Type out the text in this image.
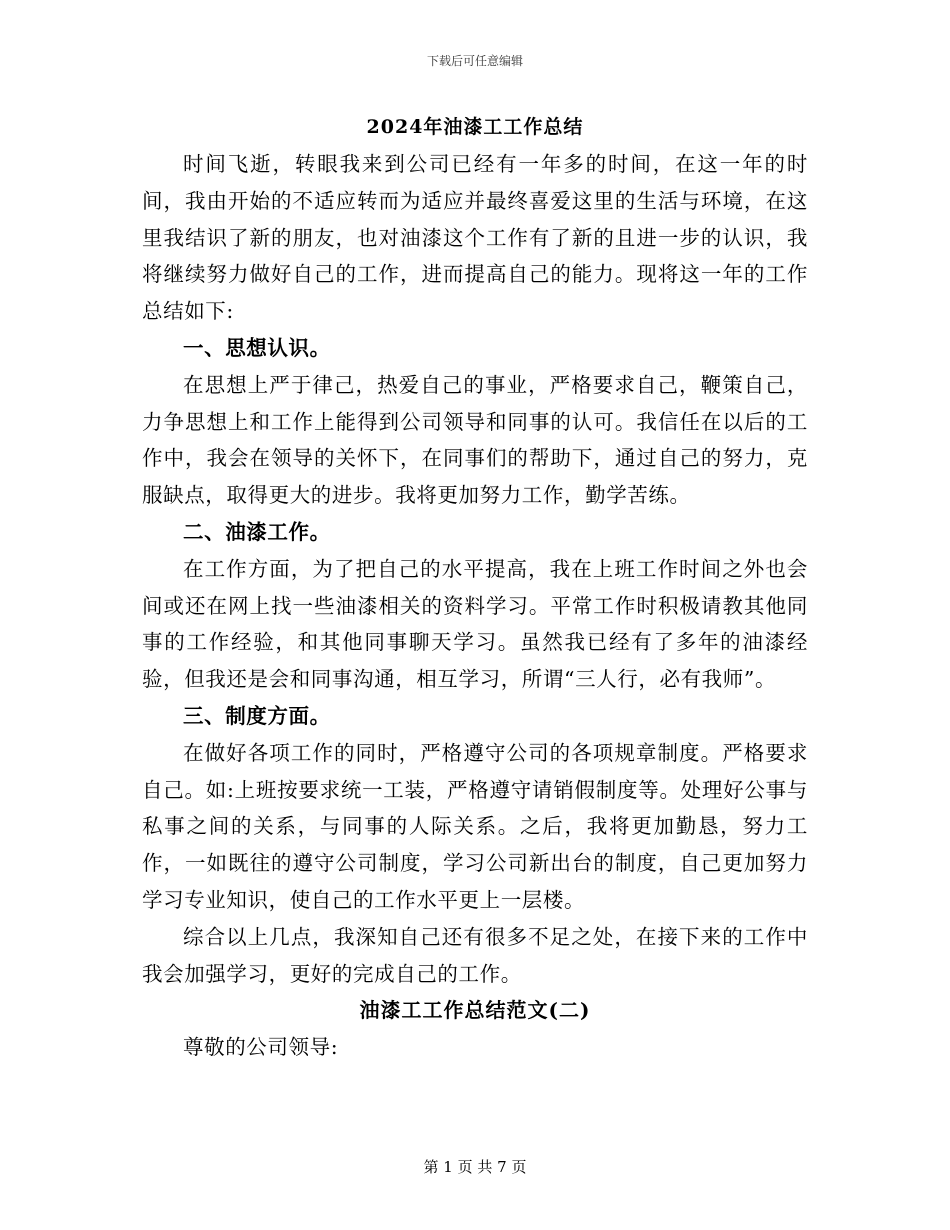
下载后可任意编辑
2024年油漆工工作总结

时间飞逝，转眼我来到公司已经有一年多的时间，在这一年的时间，我由开始的不适应转而为适应并最终喜爱这里的生活与环境，在这里我结识了新的朋友，也对油漆这个工作有了新的且进一步的认识，我将继续努力做好自己的工作，进而提高自己的能力。现将这一年的工作总结如下:

一、思想认识。

在思想上严于律己，热爱自己的事业，严格要求自己，鞭策自己，力争思想上和工作上能得到公司领导和同事的认可。我信任在以后的工作中，我会在领导的关怀下，在同事们的帮助下，通过自己的努力，克服缺点，取得更大的进步。我将更加努力工作，勤学苦练。

二、油漆工作。

在工作方面，为了把自己的水平提高，我在上班工作时间之外也会间或还在网上找一些油漆相关的资料学习。平常工作时积极请教其他同事的工作经验，和其他同事聊天学习。虽然我已经有了多年的油漆经验，但我还是会和同事沟通，相互学习，所谓“三人行，必有我师”。

三、制度方面。

在做好各项工作的同时，严格遵守公司的各项规章制度。严格要求自己。如:上班按要求统一工装，严格遵守请销假制度等。处理好公事与私事之间的关系，与同事的人际关系。之后，我将更加勤恳，努力工作，一如既往的遵守公司制度，学习公司新出台的制度，自己更加努力学习专业知识，使自己的工作水平更上一层楼。

综合以上几点，我深知自己还有很多不足之处，在接下来的工作中我会加强学习，更好的完成自己的工作。

油漆工工作总结范文(二)

尊敬的公司领导:

第 1 页 共 7 页
